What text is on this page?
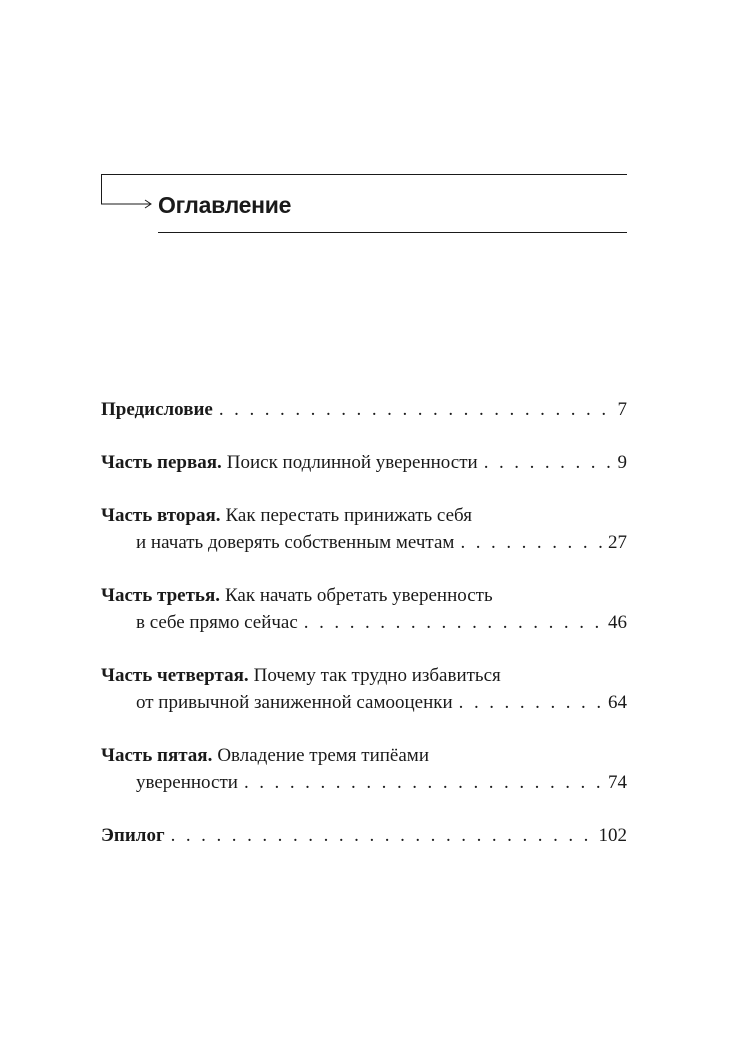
Оглавление
Предисловие . . .	7
Часть первая. Поиск подлинной уверенности . . .	9
Часть вторая. Как перестать принижать себя
и начать доверять собственным мечтам . . .	27
Часть третья. Как начать обретать уверенность
в себе прямо сейчас . . .	46
Часть четвертая. Почему так трудно избавиться
от привычной заниженной самооценки . . .	64
Часть пятая. Овладение тремя типёами
уверенности . . .	74
Эпилог . . .	102
